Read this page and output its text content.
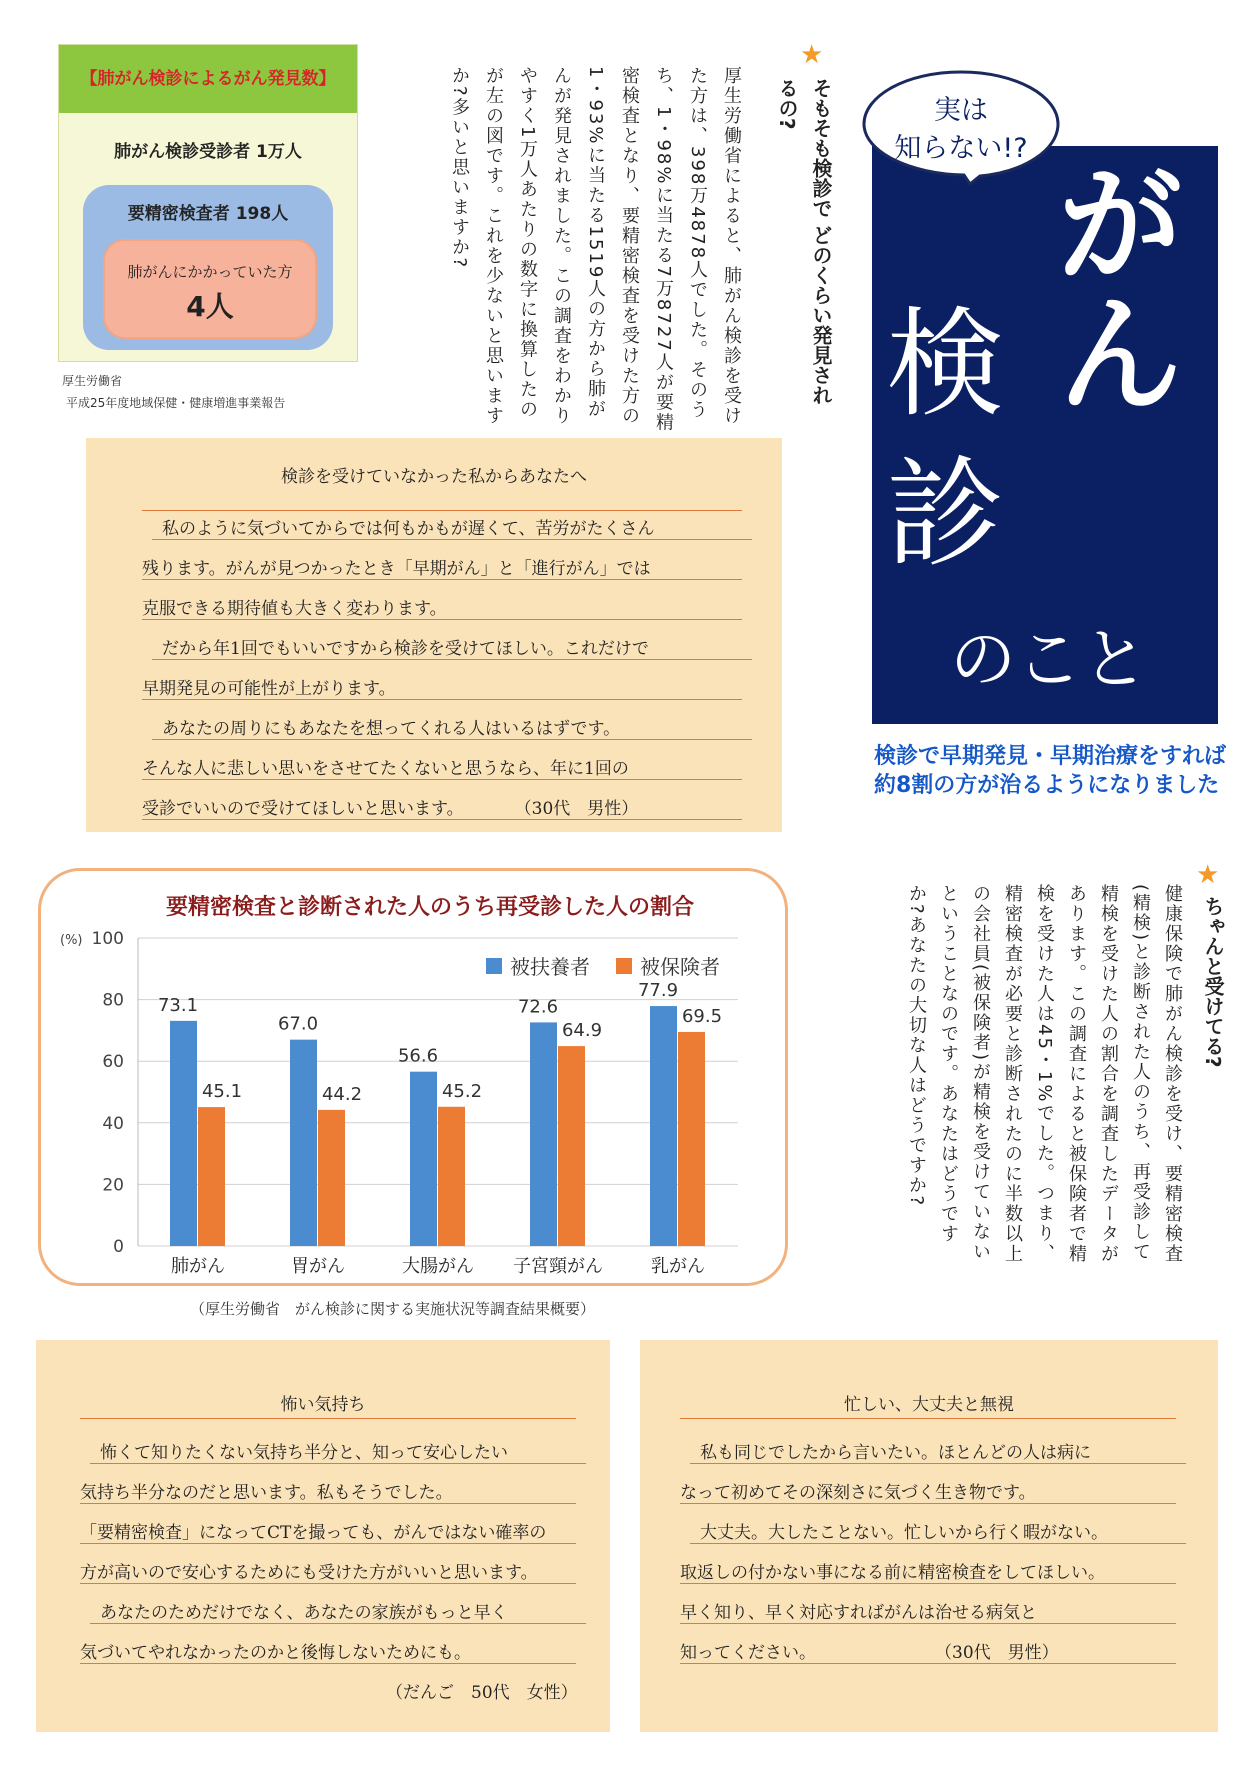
【肺がん検診によるがん発見数】
肺がん検診受診者 1万人
要精密検査者 198人
肺がんにかかっていた方
4人
厚生労働省
平成25年度地域保健・健康増進事業報告
★
そもそも検診で どのくらい発見されるの?
厚生労働省によると、肺がん検診を受けた方は、398万4878人でした。そのうち、1・98%に当たる7万8727人が要精密検査となり、要精密検査を受けた方の1・93%に当たる1519人の方から肺がんが発見されました。この調査をわかりやすく1万人あたりの数字に換算したのが左の図です。これを少ないと思いますか?多いと思いますか?	がん
検
診
のこと
実は
知らない!?
検診で早期発見・早期治療をすれば約8割の方が治るようになりました
検診を受けていなかった私からあなたへ
私のように気づいてからでは何もかもが遅くて、苦労がたくさん
残ります。がんが見つかったとき「早期がん」と「進行がん」では
克服できる期待値も大きく変わります。
だから年1回でもいいですから検診を受けてほしい。これだけで
早期発見の可能性が上がります。
あなたの周りにもあなたを想ってくれる人はいるはずです。
そんな人に悲しい思いをさせてたくないと思うなら、年に1回の
受診でいいので受けてほしいと思います。　　　　（30代　男性）
要精密検査と診断された人のうち再受診した人の割合
(%)
0
20
40
60
80
100
73.1
45.1
肺がん
67.0
44.2
胃がん
56.6
45.2
大腸がん
72.6
64.9
子宮頸がん
77.9
69.5
乳がん
被扶養者	被保険者
（厚生労働省　がん検診に関する実施状況等調査結果概要）
★
ちゃんと受けてる?
健康保険で肺がん検診を受け、要精密検査(精検)と診断された人のうち、再受診して精検を受けた人の割合を調査したデータがあります。この調査によると被保険者で精検を受けた人は45・1%でした。つまり、精密検査が必要と診断されたのに半数以上の会社員(被保険者)が精検を受けていないということなのです。あなたはどうですか?あなたの大切な人はどうですか?
怖い気持ち
怖くて知りたくない気持ち半分と、知って安心したい
気持ち半分なのだと思います。私もそうでした。
「要精密検査」になってCTを撮っても、がんではない確率の
方が高いので安心するためにも受けた方がいいと思います。
あなたのためだけでなく、あなたの家族がもっと早く
気づいてやれなかったのかと後悔しないためにも。
（だんご　50代　女性）
忙しい、大丈夫と無視
私も同じでしたから言いたい。ほとんどの人は病に
なって初めてその深刻さに気づく生き物です。
大丈夫。大したことない。忙しいから行く暇がない。
取返しの付かない事になる前に精密検査をしてほしい。
早く知り、早く対応すればがんは治せる病気と
知ってください。　　　　　　　　（30代　男性）
